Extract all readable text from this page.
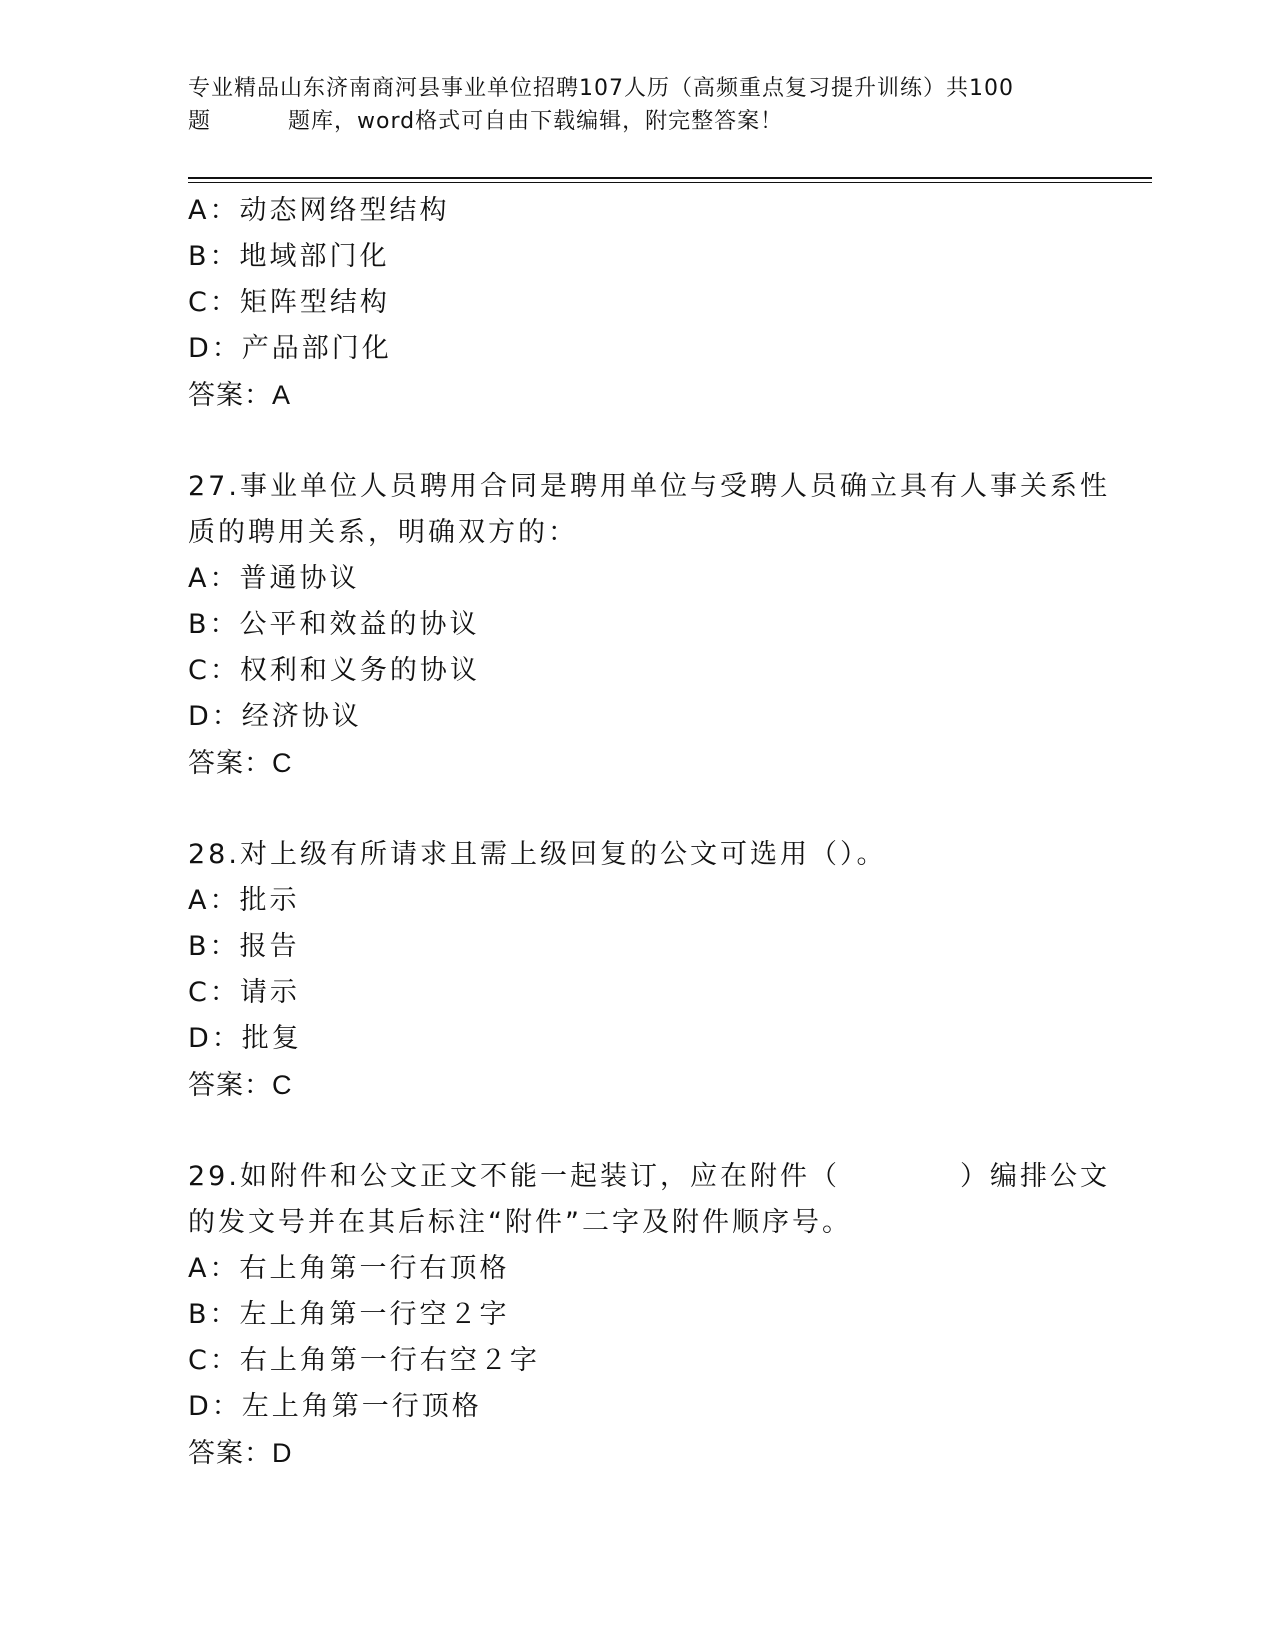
专业精品山东济南商河县事业单位招聘107人历（高频重点复习提升训练）共100
题	题库，word格式可自由下载编辑，附完整答案！
A：动态网络型结构
B：地域部门化
C：矩阵型结构
D：产品部门化
答案：A
27.事业单位人员聘用合同是聘用单位与受聘人员确立具有人事关系性
质的聘用关系，明确双方的：
A：普通协议
B：公平和效益的协议
C：权利和义务的协议
D：经济协议
答案：C
28.对上级有所请求且需上级回复的公文可选用（）。
A：批示
B：报告
C：请示
D：批复
答案：C
29.如附件和公文正文不能一起装订，应在附件（　　　　）编排公文
的发文号并在其后标注“附件”二字及附件顺序号。
A：右上角第一行右顶格
B：左上角第一行空２字
C：右上角第一行右空２字
D：左上角第一行顶格
答案：D
